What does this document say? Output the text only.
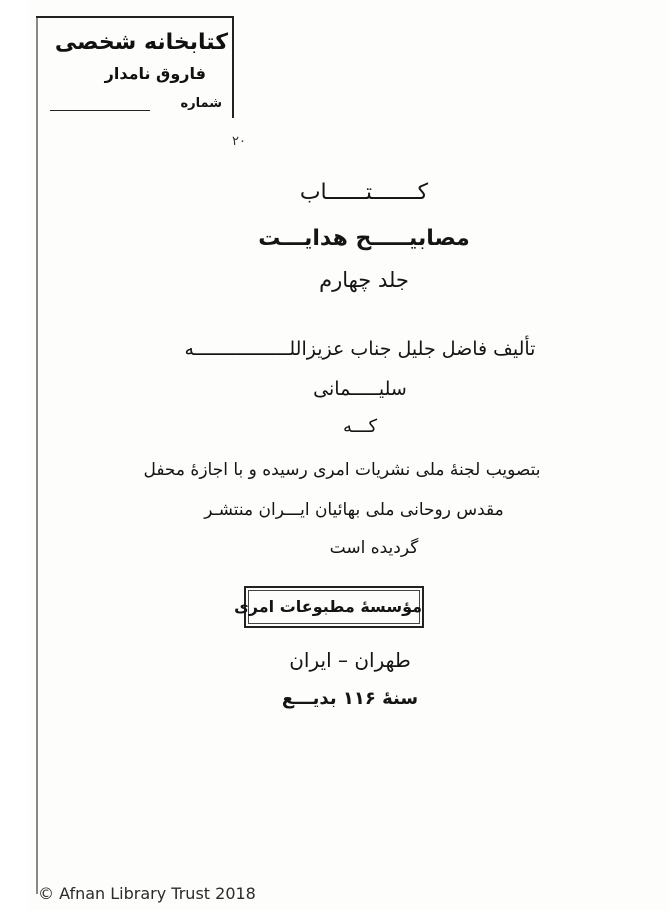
کتابخانه شخصی
فاروق نامدار
شماره
۲۰
کـــــــتــــــاب
مصابیـــــح هدایـــت
جلد چهارم
تألیف فاضل جلیل جناب عزیزاللـــــــــــــــــه
سلیـــــمانی
کـــه
بتصویب لجنۀ ملی نشریات امری رسیده و با اجازۀ محفل
مقدس روحانی ملی بهائیان ایـــران منتشـر
گردیده است
مؤسسۀ مطبوعات امری
طهران – ایران
سنۀ ۱۱۶ بدیـــع
© Afnan Library Trust 2018
